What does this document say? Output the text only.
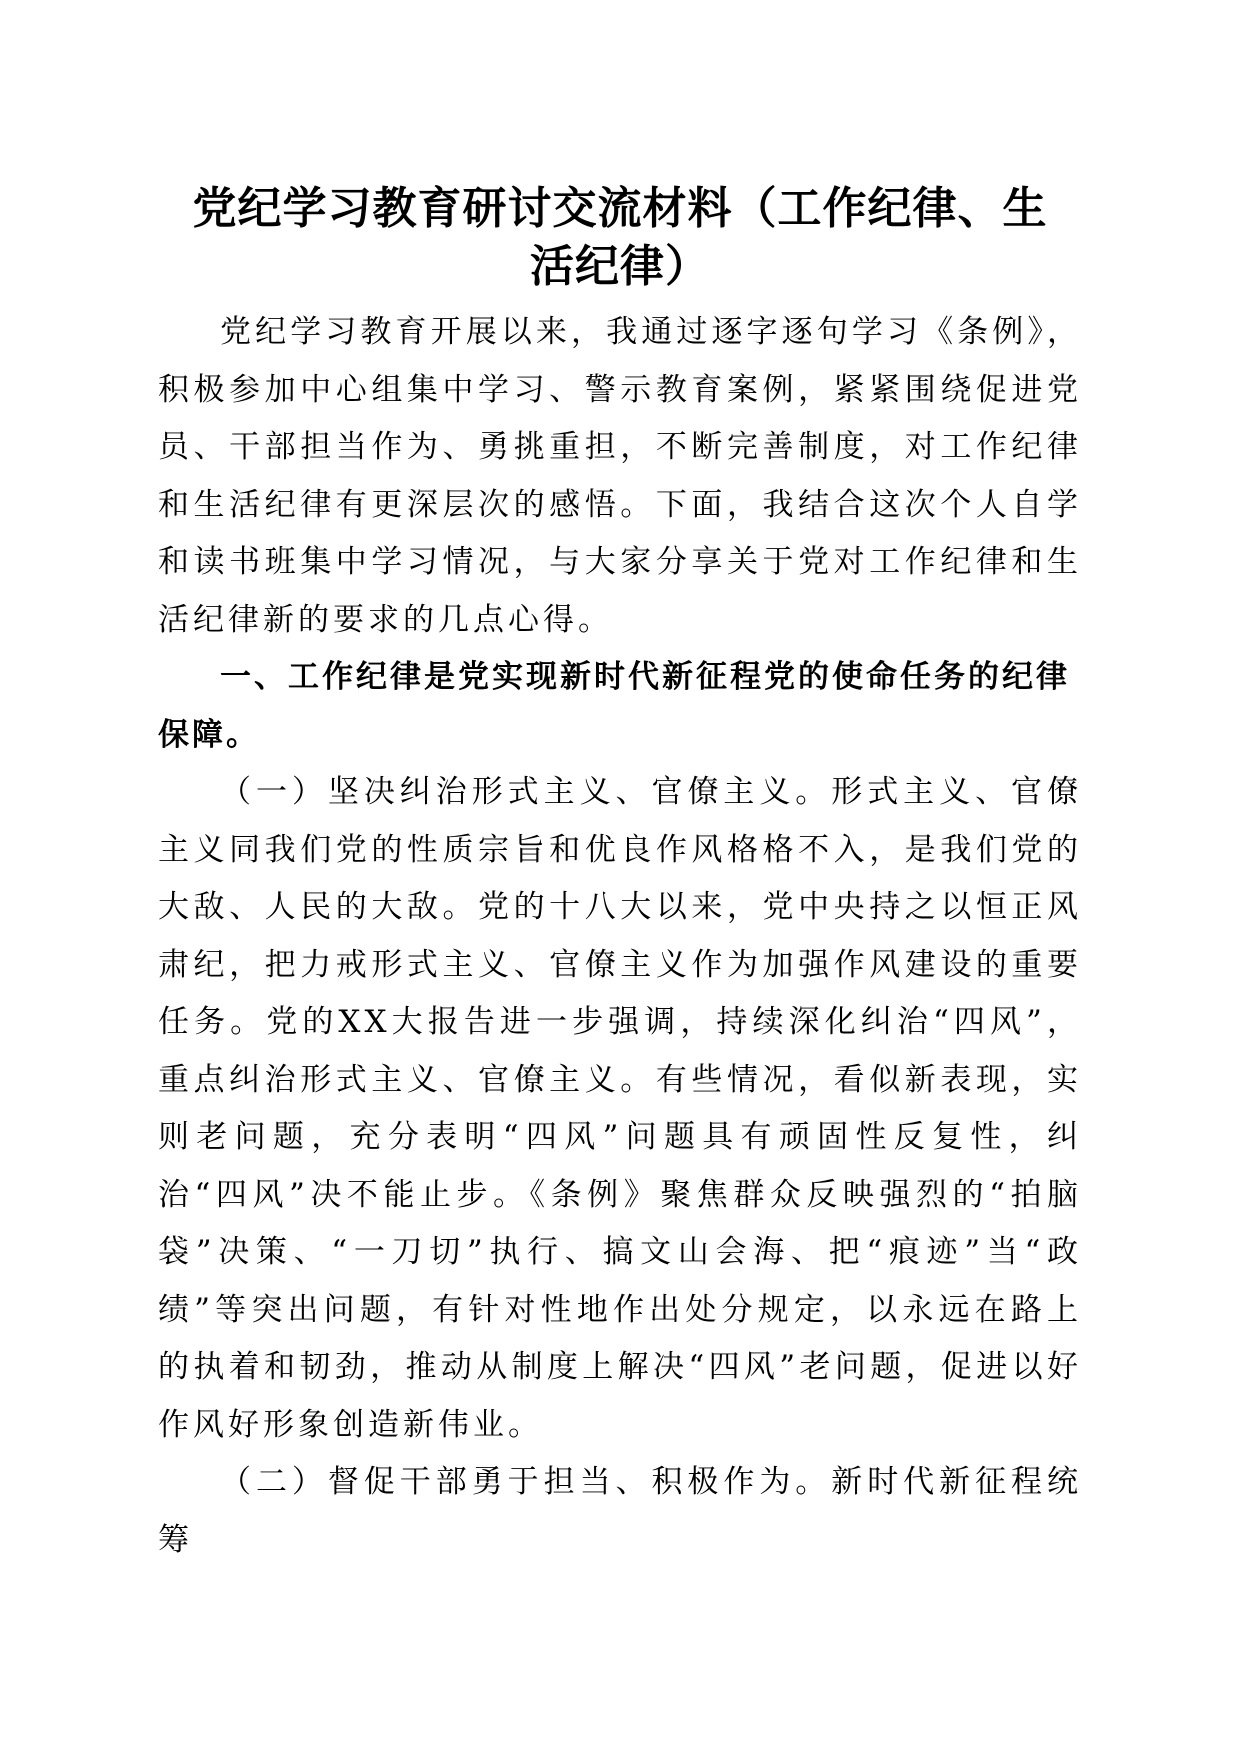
党纪学习教育研讨交流材料（工作纪律、生
活纪律）

党纪学习教育开展以来，我通过逐字逐句学习《条例》，积极参加中心组集中学习、警示教育案例，紧紧围绕促进党员、干部担当作为、勇挑重担，不断完善制度，对工作纪律和生活纪律有更深层次的感悟。下面，我结合这次个人自学和读书班集中学习情况，与大家分享关于党对工作纪律和生活纪律新的要求的几点心得。

一、工作纪律是党实现新时代新征程党的使命任务的纪律保障。

（一）坚决纠治形式主义、官僚主义。形式主义、官僚主义同我们党的性质宗旨和优良作风格格不入，是我们党的大敌、人民的大敌。党的十八大以来，党中央持之以恒正风肃纪，把力戒形式主义、官僚主义作为加强作风建设的重要任务。党的XX大报告进一步强调，持续深化纠治“四风”，重点纠治形式主义、官僚主义。有些情况，看似新表现，实则老问题，充分表明“四风”问题具有顽固性反复性，纠治“四风”决不能止步。《条例》聚焦群众反映强烈的“拍脑袋”决策、“一刀切”执行、搞文山会海、把“痕迹”当“政绩”等突出问题，有针对性地作出处分规定，以永远在路上的执着和韧劲，推动从制度上解决“四风”老问题，促进以好作风好形象创造新伟业。

（二）督促干部勇于担当、积极作为。新时代新征程统筹
